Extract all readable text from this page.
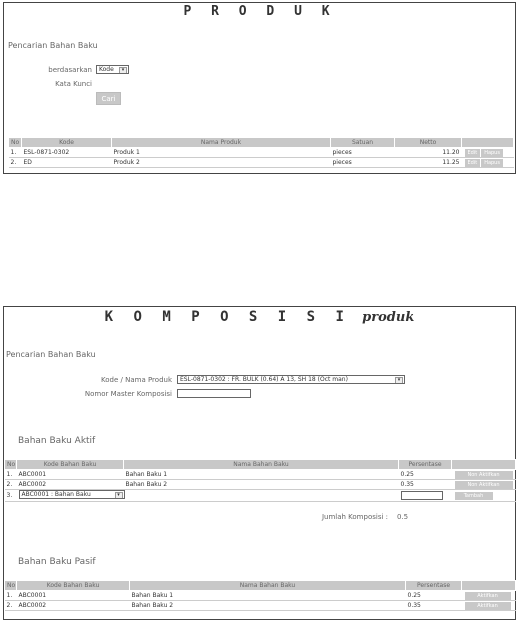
P R O D U K
Pencarian Bahan Baku
berdasarkan	Kode	▾
Kata Kunci
Cari
No	Kode	Nama Produk	Satuan	Netto	
1.	ESL-0871-0302	Produk 1	pieces	11.20	Edit Hapus
2.	ED	Produk 2	pieces	11.25	Edit Hapus
K O M P O S I S I produk
Pencarian Bahan Baku
Kode / Nama Produk	ESL-0871-0302 : FR. BULK (0.64) A 13, SH 18 (Oct man)	▾
Nomor Master Komposisi
Bahan Baku Aktif
No	Kode Bahan Baku	Nama Bahan Baku	Persentase	
1.	ABC0001	Bahan Baku 1	0.25	Non Aktifkan
2.	ABC0002	Bahan Baku 2	0.35	Non Aktifkan
3.	ABC0001 : Bahan Baku ▾			Tambah
Jumlah Komposisi : 0.5
Bahan Baku Pasif
No	Kode Bahan Baku	Nama Bahan Baku	Persentase	
1.	ABC0001	Bahan Baku 1	0.25	Aktifkan
2.	ABC0002	Bahan Baku 2	0.35	Aktifkan
